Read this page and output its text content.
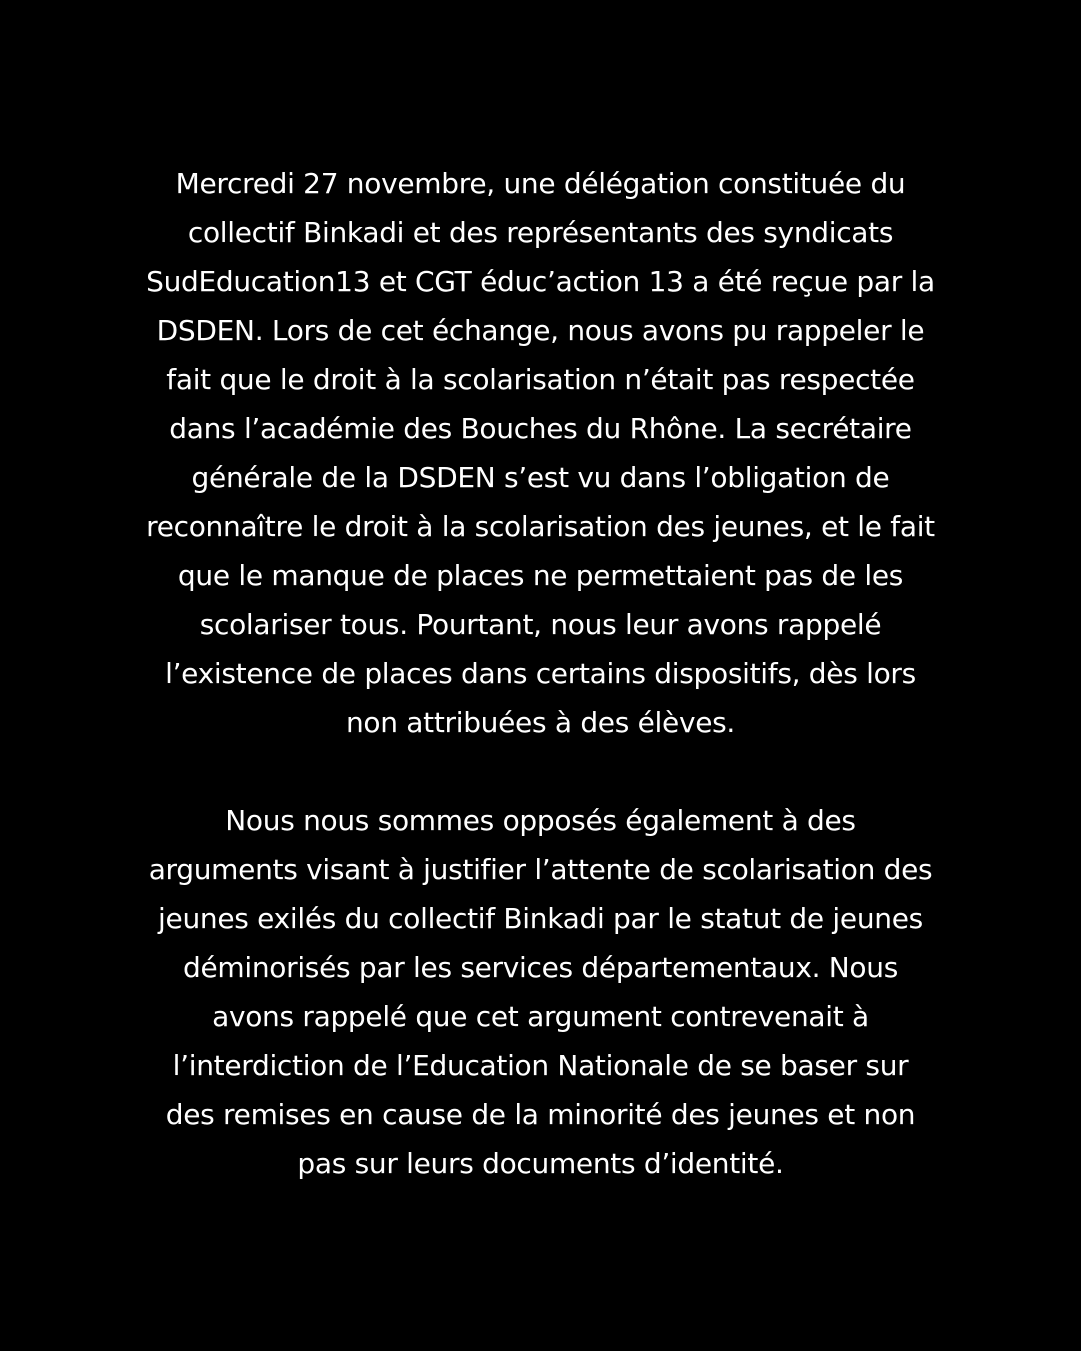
Mercredi 27 novembre, une délégation constituée du
collectif Binkadi et des représentants des syndicats
SudEducation13 et CGT éduc’action 13 a été reçue par la
DSDEN. Lors de cet échange, nous avons pu rappeler le
fait que le droit à la scolarisation n’était pas respectée
dans l’académie des Bouches du Rhône. La secrétaire
générale de la DSDEN s’est vu dans l’obligation de
reconnaître le droit à la scolarisation des jeunes, et le fait
que le manque de places ne permettaient pas de les
scolariser tous. Pourtant, nous leur avons rappelé
l’existence de places dans certains dispositifs, dès lors
non attribuées à des élèves.
Nous nous sommes opposés également à des
arguments visant à justifier l’attente de scolarisation des
jeunes exilés du collectif Binkadi par le statut de jeunes
déminorisés par les services départementaux. Nous
avons rappelé que cet argument contrevenait à
l’interdiction de l’Education Nationale de se baser sur
des remises en cause de la minorité des jeunes et non
pas sur leurs documents d’identité.
